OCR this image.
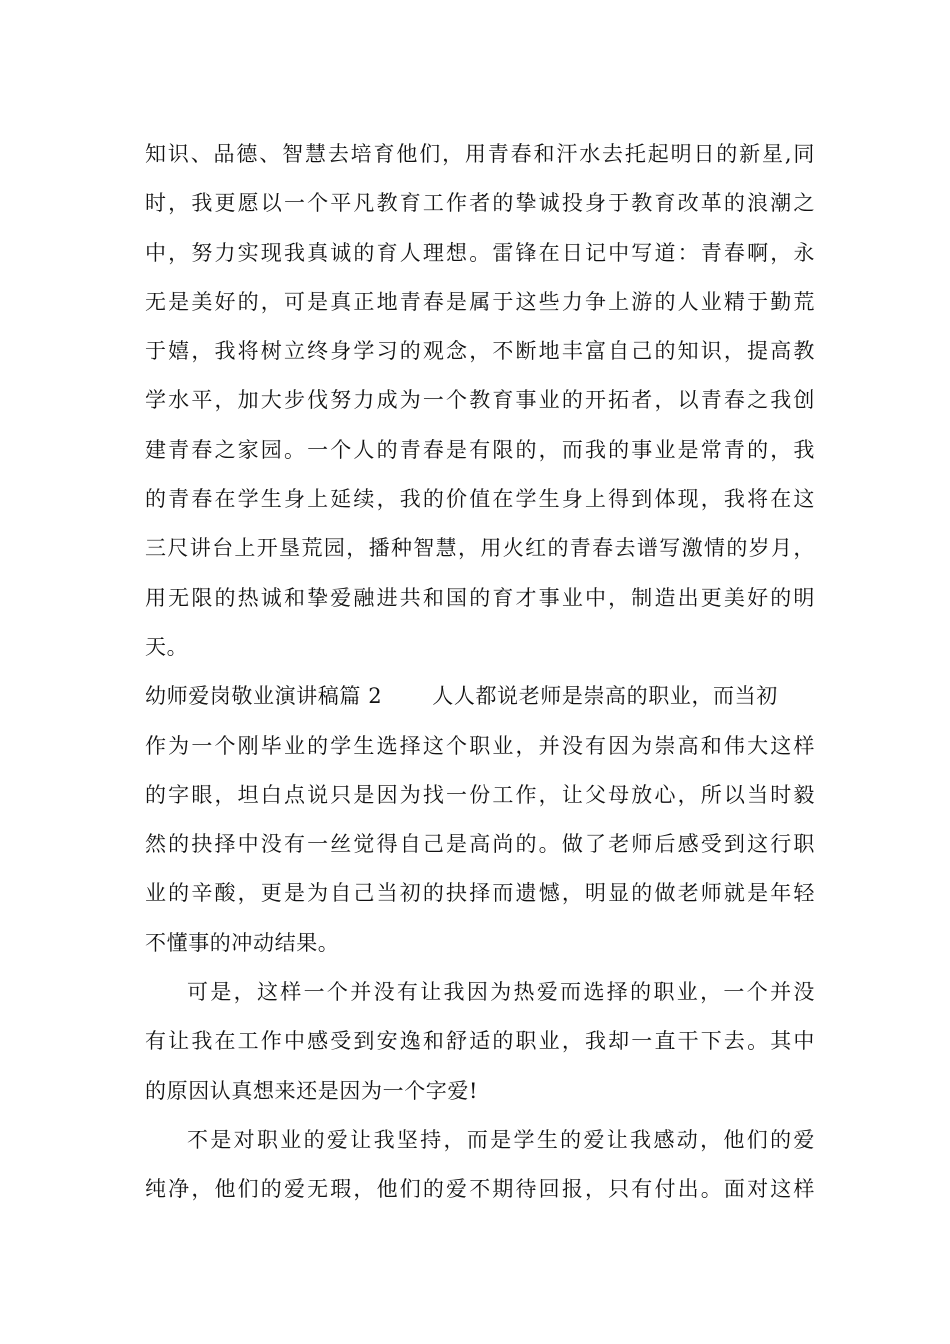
知识、品德、智慧去培育他们，用青春和汗水去托起明日的新星,同
时，我更愿以一个平凡教育工作者的挚诚投身于教育改革的浪潮之
中，努力实现我真诚的育人理想。雷锋在日记中写道：青春啊，永
无是美好的，可是真正地青春是属于这些力争上游的人业精于勤荒
于嬉，我将树立终身学习的观念，不断地丰富自己的知识，提高教
学水平，加大步伐努力成为一个教育事业的开拓者，以青春之我创
建青春之家园。一个人的青春是有限的，而我的事业是常青的，我
的青春在学生身上延续，我的价值在学生身上得到体现，我将在这
三尺讲台上开垦荒园，播种智慧，用火红的青春去谱写激情的岁月，
用无限的热诚和挚爱融进共和国的育才事业中，制造出更美好的明
天。
幼师爱岗敬业演讲稿篇 2 人人都说老师是崇高的职业，而当初
作为一个刚毕业的学生选择这个职业，并没有因为崇高和伟大这样
的字眼，坦白点说只是因为找一份工作，让父母放心，所以当时毅
然的抉择中没有一丝觉得自己是高尚的。做了老师后感受到这行职
业的辛酸，更是为自己当初的抉择而遗憾，明显的做老师就是年轻
不懂事的冲动结果。
可是，这样一个并没有让我因为热爱而选择的职业，一个并没
有让我在工作中感受到安逸和舒适的职业，我却一直干下去。其中
的原因认真想来还是因为一个字爱!
不是对职业的爱让我坚持，而是学生的爱让我感动，他们的爱
纯净，他们的爱无瑕，他们的爱不期待回报，只有付出。面对这样
